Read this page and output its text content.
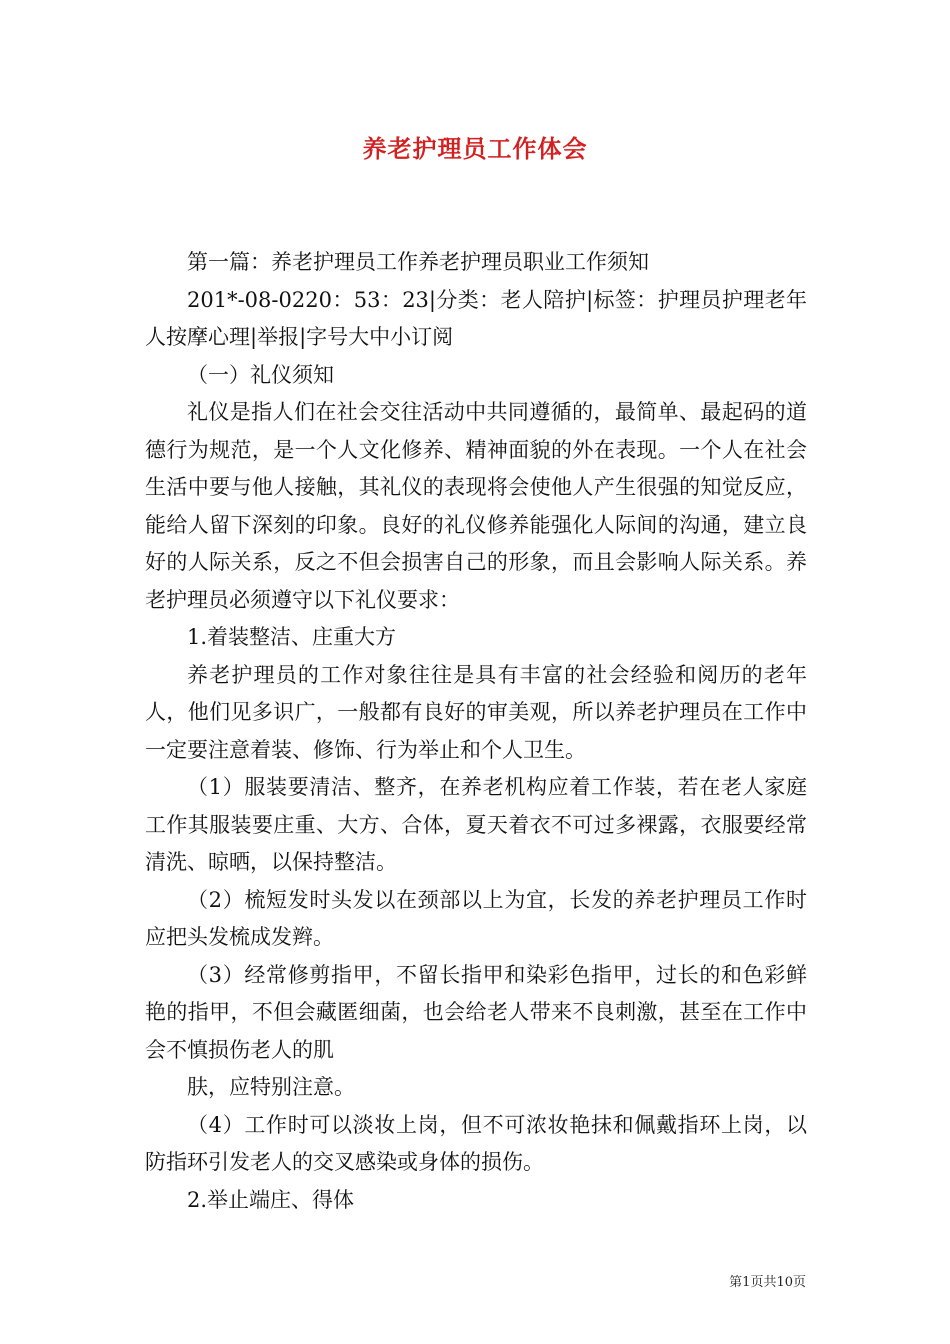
养老护理员工作体会

第一篇：养老护理员工作养老护理员职业工作须知

201*-08-0220：53：23|分类：老人陪护|标签：护理员护理老年人按摩心理|举报|字号大中小订阅

（一）礼仪须知

礼仪是指人们在社会交往活动中共同遵循的，最简单、最起码的道德行为规范，是一个人文化修养、精神面貌的外在表现。一个人在社会生活中要与他人接触，其礼仪的表现将会使他人产生很强的知觉反应，能给人留下深刻的印象。良好的礼仪修养能强化人际间的沟通，建立良好的人际关系，反之不但会损害自己的形象，而且会影响人际关系。养老护理员必须遵守以下礼仪要求：

1.着装整洁、庄重大方

养老护理员的工作对象往往是具有丰富的社会经验和阅历的老年人，他们见多识广，一般都有良好的审美观，所以养老护理员在工作中一定要注意着装、修饰、行为举止和个人卫生。

（1）服装要清洁、整齐，在养老机构应着工作装，若在老人家庭工作其服装要庄重、大方、合体，夏天着衣不可过多裸露，衣服要经常清洗、晾晒，以保持整洁。

（2）梳短发时头发以在颈部以上为宜，长发的养老护理员工作时应把头发梳成发辫。

（3）经常修剪指甲，不留长指甲和染彩色指甲，过长的和色彩鲜艳的指甲，不但会藏匿细菌，也会给老人带来不良刺激，甚至在工作中会不慎损伤老人的肌

肤，应特别注意。

（4）工作时可以淡妆上岗，但不可浓妆艳抹和佩戴指环上岗，以防指环引发老人的交叉感染或身体的损伤。

2.举止端庄、得体

第1页共10页
